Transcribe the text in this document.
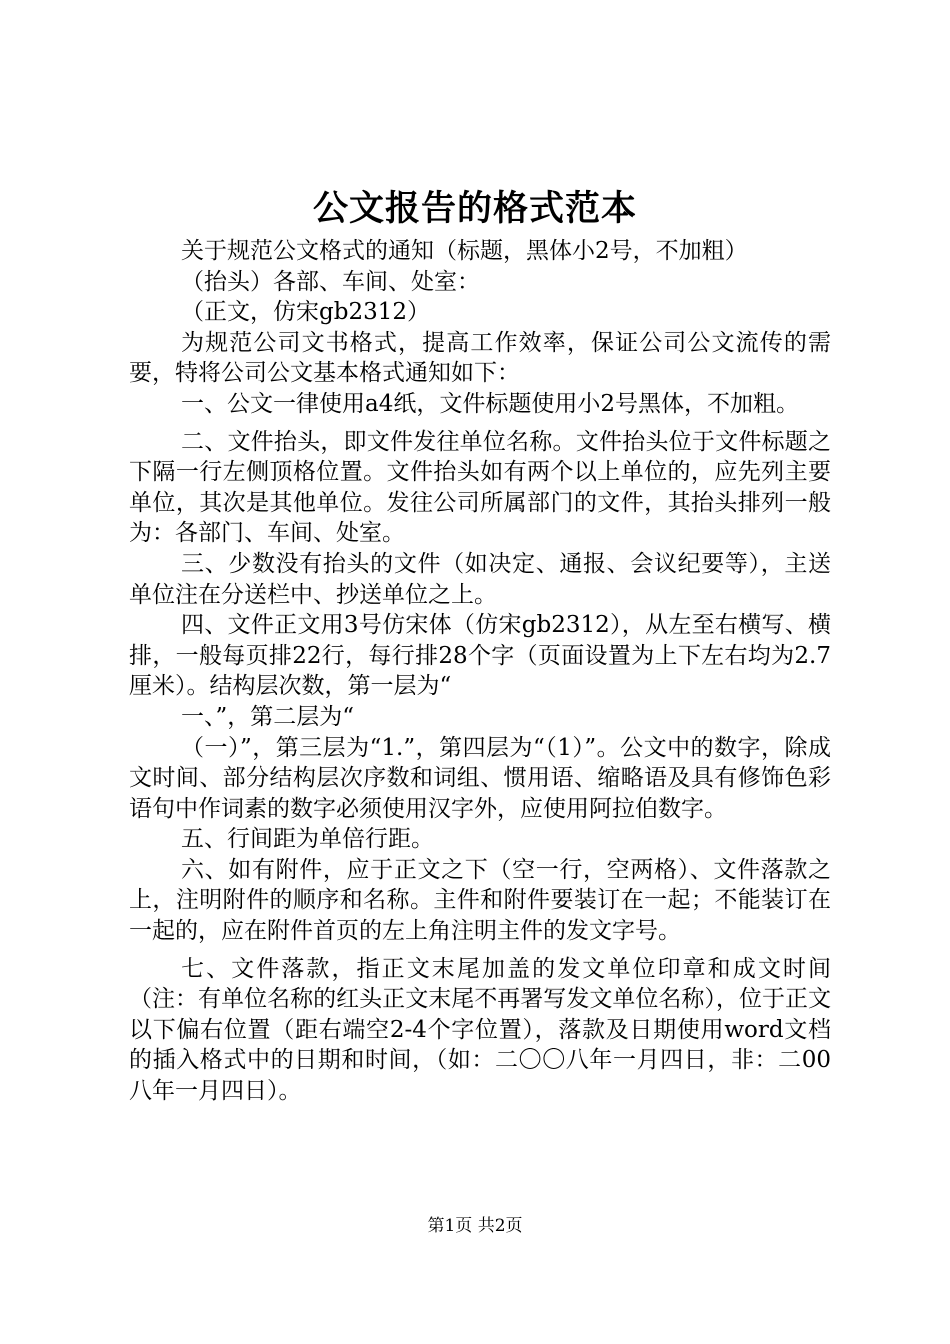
公文报告的格式范本

关于规范公文格式的通知（标题，黑体小2号，不加粗）

（抬头）各部、车间、处室：

（正文，仿宋gb2312）

为规范公司文书格式，提高工作效率，保证公司公文流传的需要，特将公司公文基本格式通知如下：

一、公文一律使用a4纸，文件标题使用小2号黑体，不加粗。

二、文件抬头，即文件发往单位名称。文件抬头位于文件标题之下隔一行左侧顶格位置。文件抬头如有两个以上单位的，应先列主要单位，其次是其他单位。发往公司所属部门的文件，其抬头排列一般为：各部门、车间、处室。

三、少数没有抬头的文件（如决定、通报、会议纪要等），主送单位注在分送栏中、抄送单位之上。

四、文件正文用3号仿宋体（仿宋gb2312），从左至右横写、横排，一般每页排22行，每行排28个字（页面设置为上下左右均为2.7厘米）。结构层次数，第一层为“

一、”，第二层为“

（一）”，第三层为“1.”，第四层为“（1）”。公文中的数字，除成文时间、部分结构层次序数和词组、惯用语、缩略语及具有修饰色彩语句中作词素的数字必须使用汉字外，应使用阿拉伯数字。

五、行间距为单倍行距。

六、如有附件，应于正文之下（空一行，空两格）、文件落款之上，注明附件的顺序和名称。主件和附件要装订在一起；不能装订在一起的，应在附件首页的左上角注明主件的发文字号。

七、文件落款，指正文末尾加盖的发文单位印章和成文时间（注：有单位名称的红头正文末尾不再署写发文单位名称），位于正文以下偏右位置（距右端空2-4个字位置），落款及日期使用word文档的插入格式中的日期和时间，（如：二〇〇八年一月四日，非：二00八年一月四日）。

第1页 共2页
